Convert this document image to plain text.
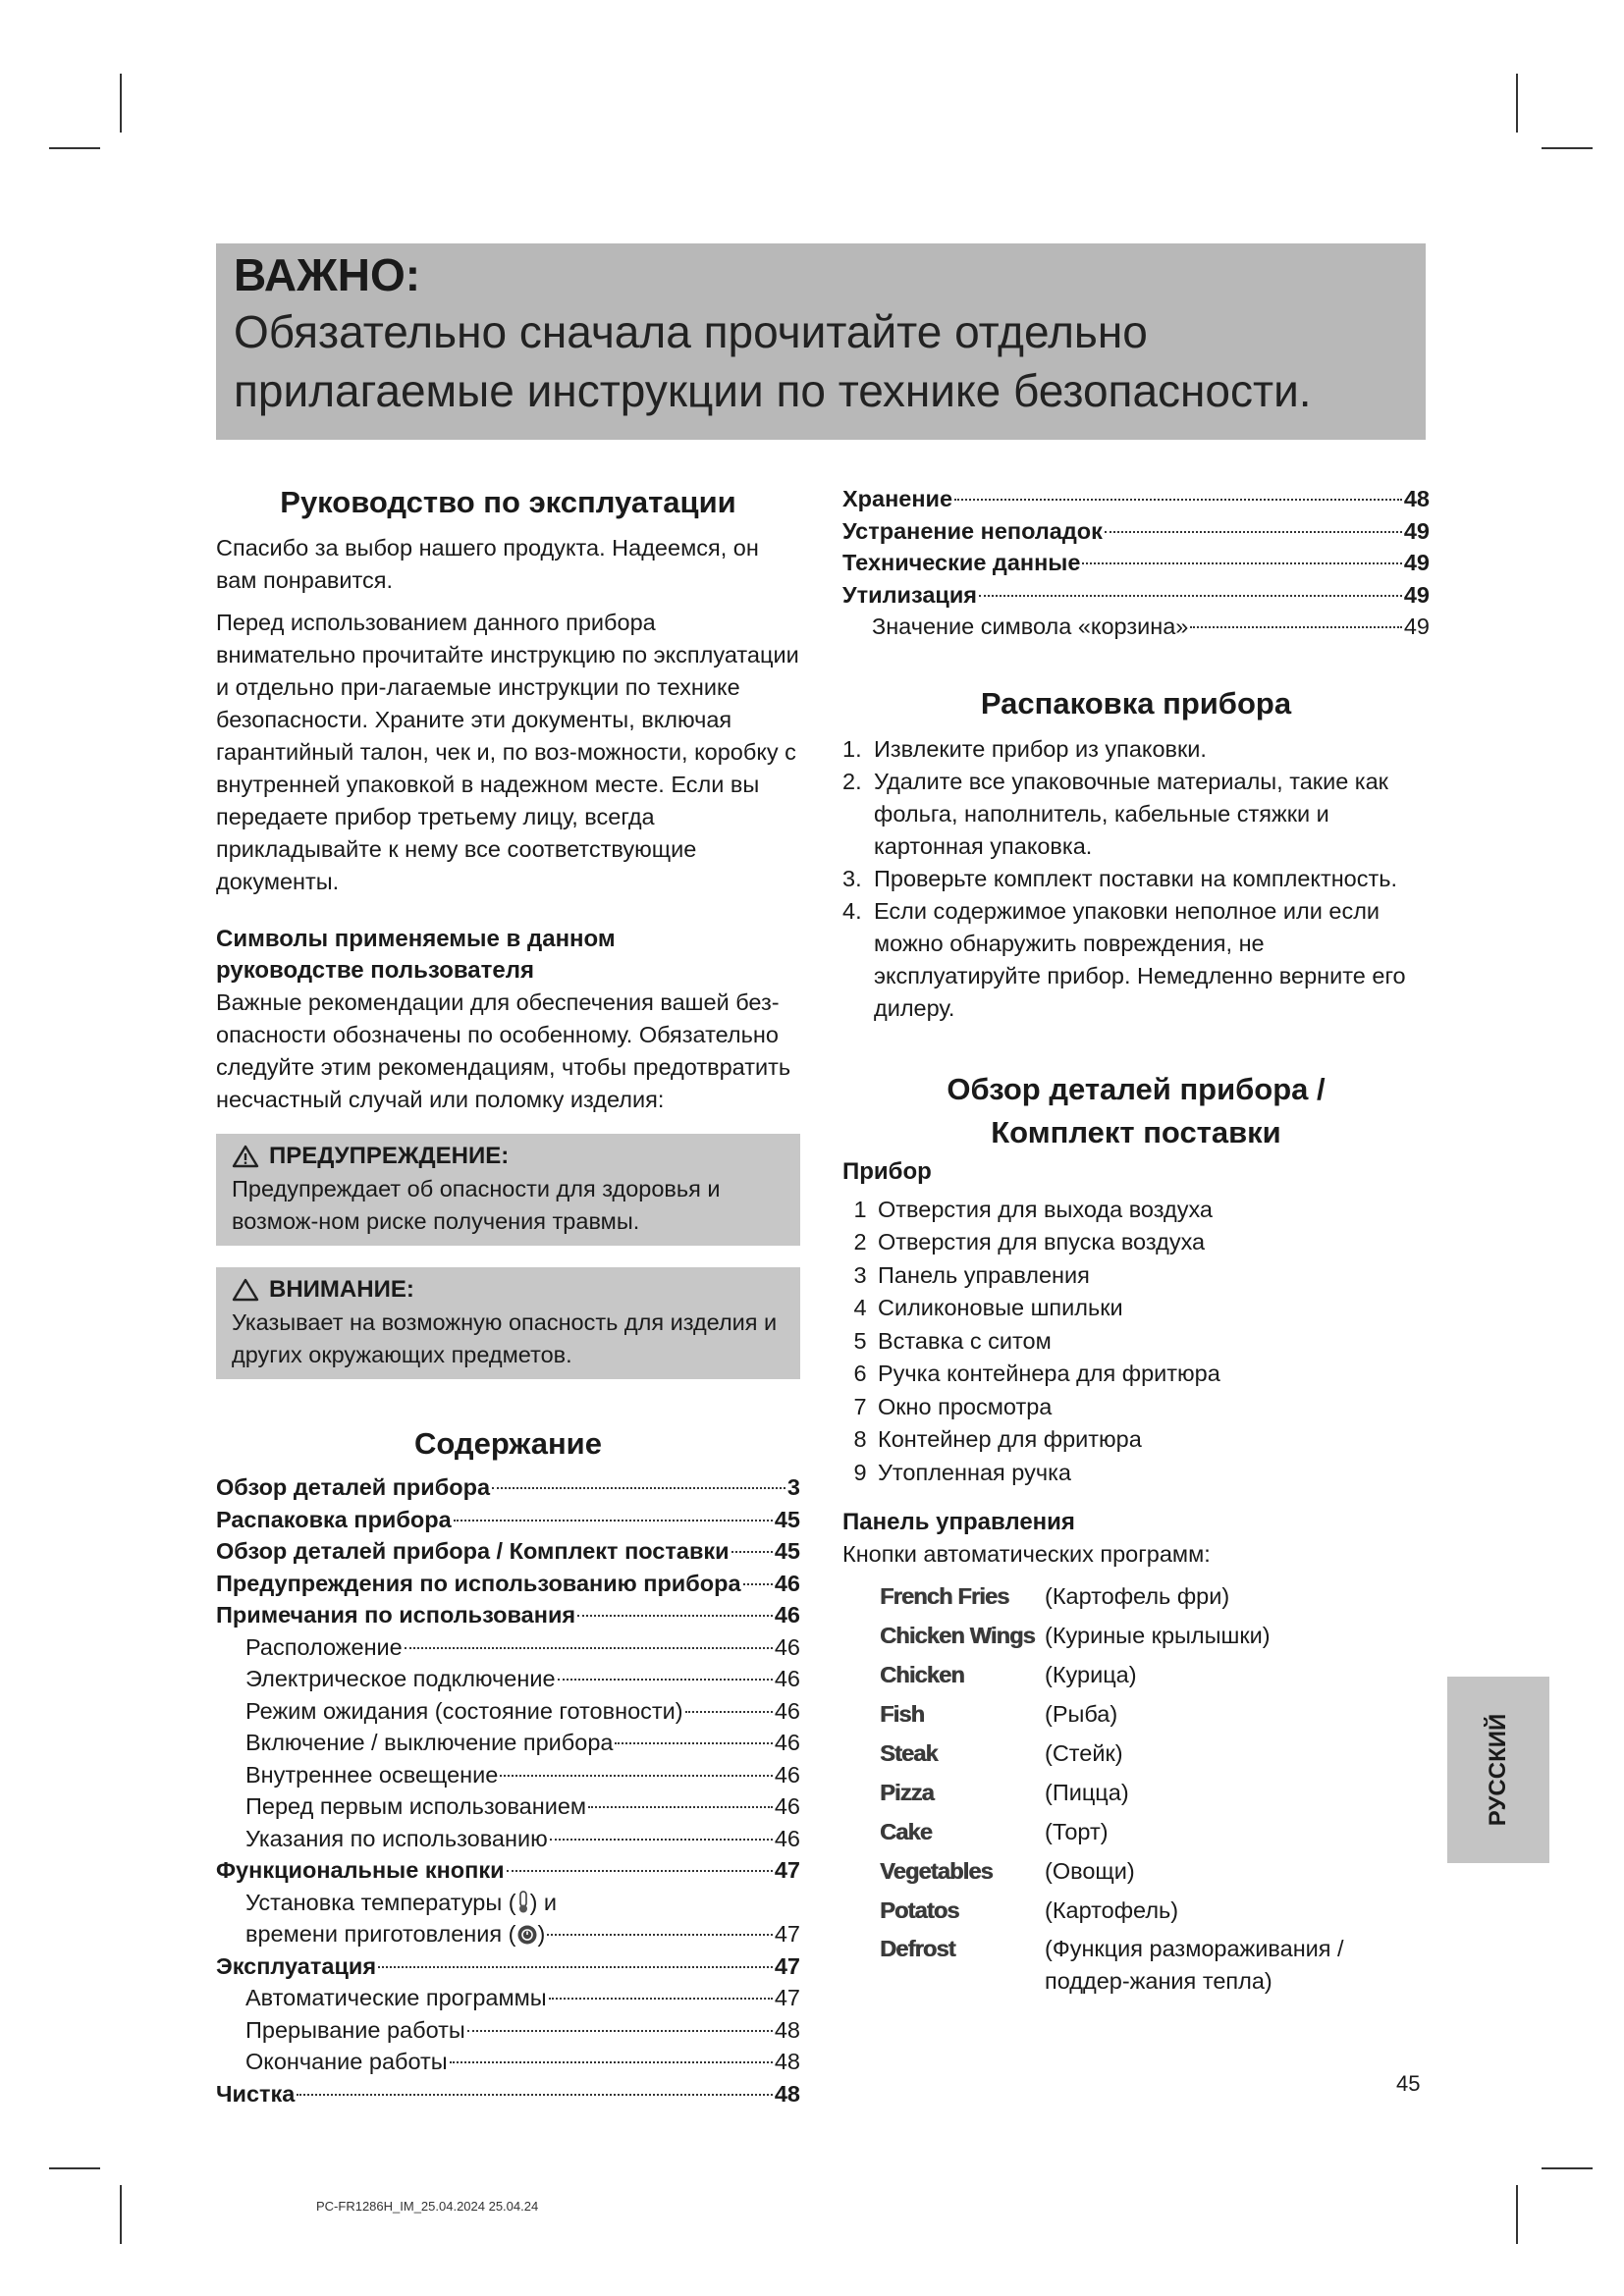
ВАЖНО:
Обязательно сначала прочитайте отдельно прилагаемые инструкции по технике безопасности.
Руководство по эксплуатации

Спасибо за выбор нашего продукта. Надеемся, он вам понравится.

Перед использованием данного прибора внимательно прочитайте инструкцию по эксплуатации и отдельно при-лагаемые инструкции по технике безопасности. Храните эти документы, включая гарантийный талон, чек и, по воз-можности, коробку с внутренней упаковкой в надежном месте. Если вы передаете прибор третьему лицу, всегда прикладывайте к нему все соответствующие документы.

Символы применяемые в данном руководстве пользователя

Важные рекомендации для обеспечения вашей без-опасности обозначены по особенному. Обязательно следуйте этим рекомендациям, чтобы предотвратить несчастный случай или поломку изделия:

ПРЕДУПРЕЖДЕНИЕ:
Предупреждает об опасности для здоровья и возмож-ном риске получения травмы.
ВНИМАНИЕ:
Указывает на возможную опасность для изделия и других окружающих предметов.
Содержание
Обзор деталей прибора	3
Распаковка прибора	45
Обзор деталей прибора / Комплект поставки 45
Предупреждения по использованию прибора 46
Примечания по использования	46
Расположение	46
Электрическое подключение	46
Режим ожидания (состояние готовности)	46
Включение / выключение прибора	46
Внутреннее освещение	46
Перед первым использованием	46
Указания по использованию	46
Функциональные кнопки	47
Установка температуры ( ) и
времени приготовления ( )	47
Эксплуатация	47
Автоматические программы	47
Прерывание работы	48
Окончание работы	48
Чистка	48
Хранение	48
Устранение неполадок	49
Технические данные	49
Утилизация	49
Значение символа «корзина»	49
Распаковка прибора
1. Извлеките прибор из упаковки.
2. Удалите все упаковочные материалы, такие как фольга, наполнитель, кабельные стяжки и картонная упаковка.
3. Проверьте комплект поставки на комплектность.
4. Если содержимое упаковки неполное или если можно обнаружить повреждения, не эксплуатируйте прибор. Немедленно верните его дилеру.
Обзор деталей прибора /
Комплект поставки
Прибор
1 Отверстия для выхода воздуха
2 Отверстия для впуска воздуха
3 Панель управления
4 Силиконовые шпильки
5 Вставка с ситом
6 Ручка контейнера для фритюра
7 Окно просмотра
8 Контейнер для фритюра
9 Утопленная ручка
Панель управления

Кнопки автоматических программ:

French Fries	(Картофель фри)
Chicken Wings (Куриные крылышки)
Chicken	(Курица)
Fish	(Рыба)
Steak	(Стейк)
Pizza	(Пицца)
Cake	(Торт)
Vegetables	(Овощи)
Potatos	(Картофель)
Defrost	(Функция размораживания / поддер-жания тепла)
РУССКИЙ
45
PC-FR1286H_IM_25.04.2024 25.04.24
